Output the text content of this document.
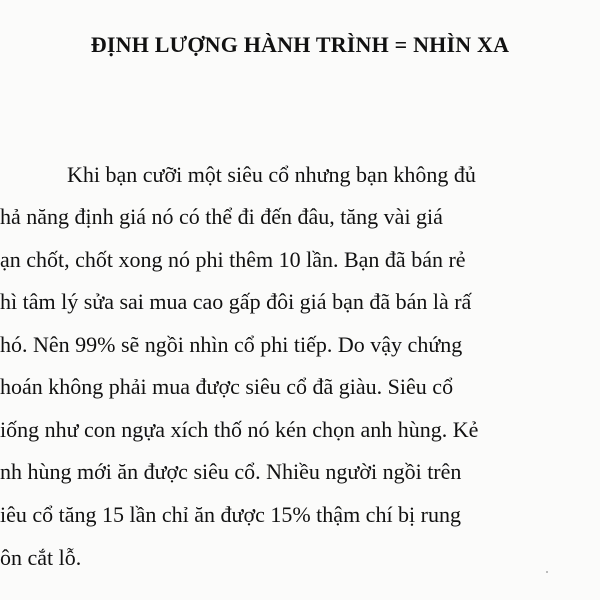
ĐỊNH LƯỢNG HÀNH TRÌNH = NHÌN XA
Khi bạn cưỡi một siêu cổ nhưng bạn không đủ
hả năng định giá nó có thể đi đến đâu, tăng vài giá
ạn chốt, chốt xong nó phi thêm 10 lần. Bạn đã bán rẻ
hì tâm lý sửa sai mua cao gấp đôi giá bạn đã bán là rấ
hó. Nên 99% sẽ ngồi nhìn cổ phi tiếp. Do vậy chứng
hoán không phải mua được siêu cổ đã giàu. Siêu cổ
iống như con ngựa xích thố nó kén chọn anh hùng. Kẻ
nh hùng mới ăn được siêu cổ. Nhiều người ngồi trên
iêu cổ tăng 15 lần chỉ ăn được 15% thậm chí bị rung
ôn cắt lỗ.
